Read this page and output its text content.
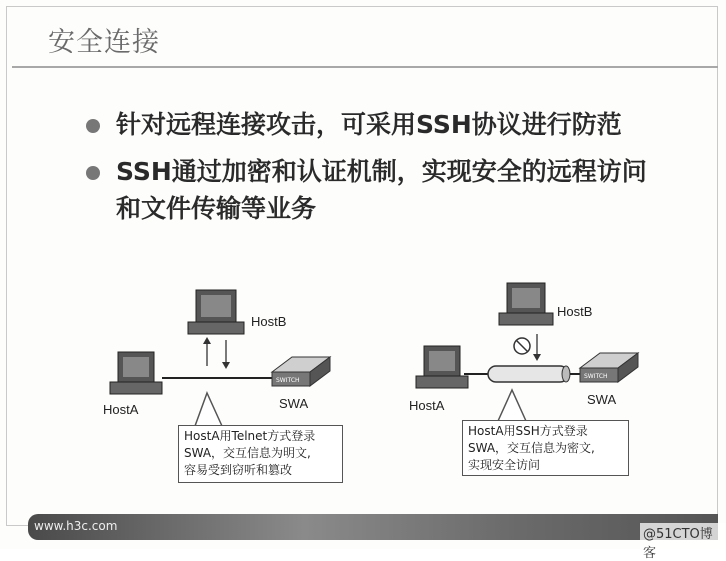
安全连接
针对远程连接攻击，可采用SSH协议进行防范
SSH通过加密和认证机制，实现安全的远程访问和文件传输等业务
HostB
HostA
SWITCH
SWA
HostB
HostA
SWITCH
SWA
HostA用Telnet方式登录
SWA，交互信息为明文,
容易受到窃听和篡改
HostA用SSH方式登录
SWA，交互信息为密文,
实现安全访问
www.h3c.com
@51CTO博客
